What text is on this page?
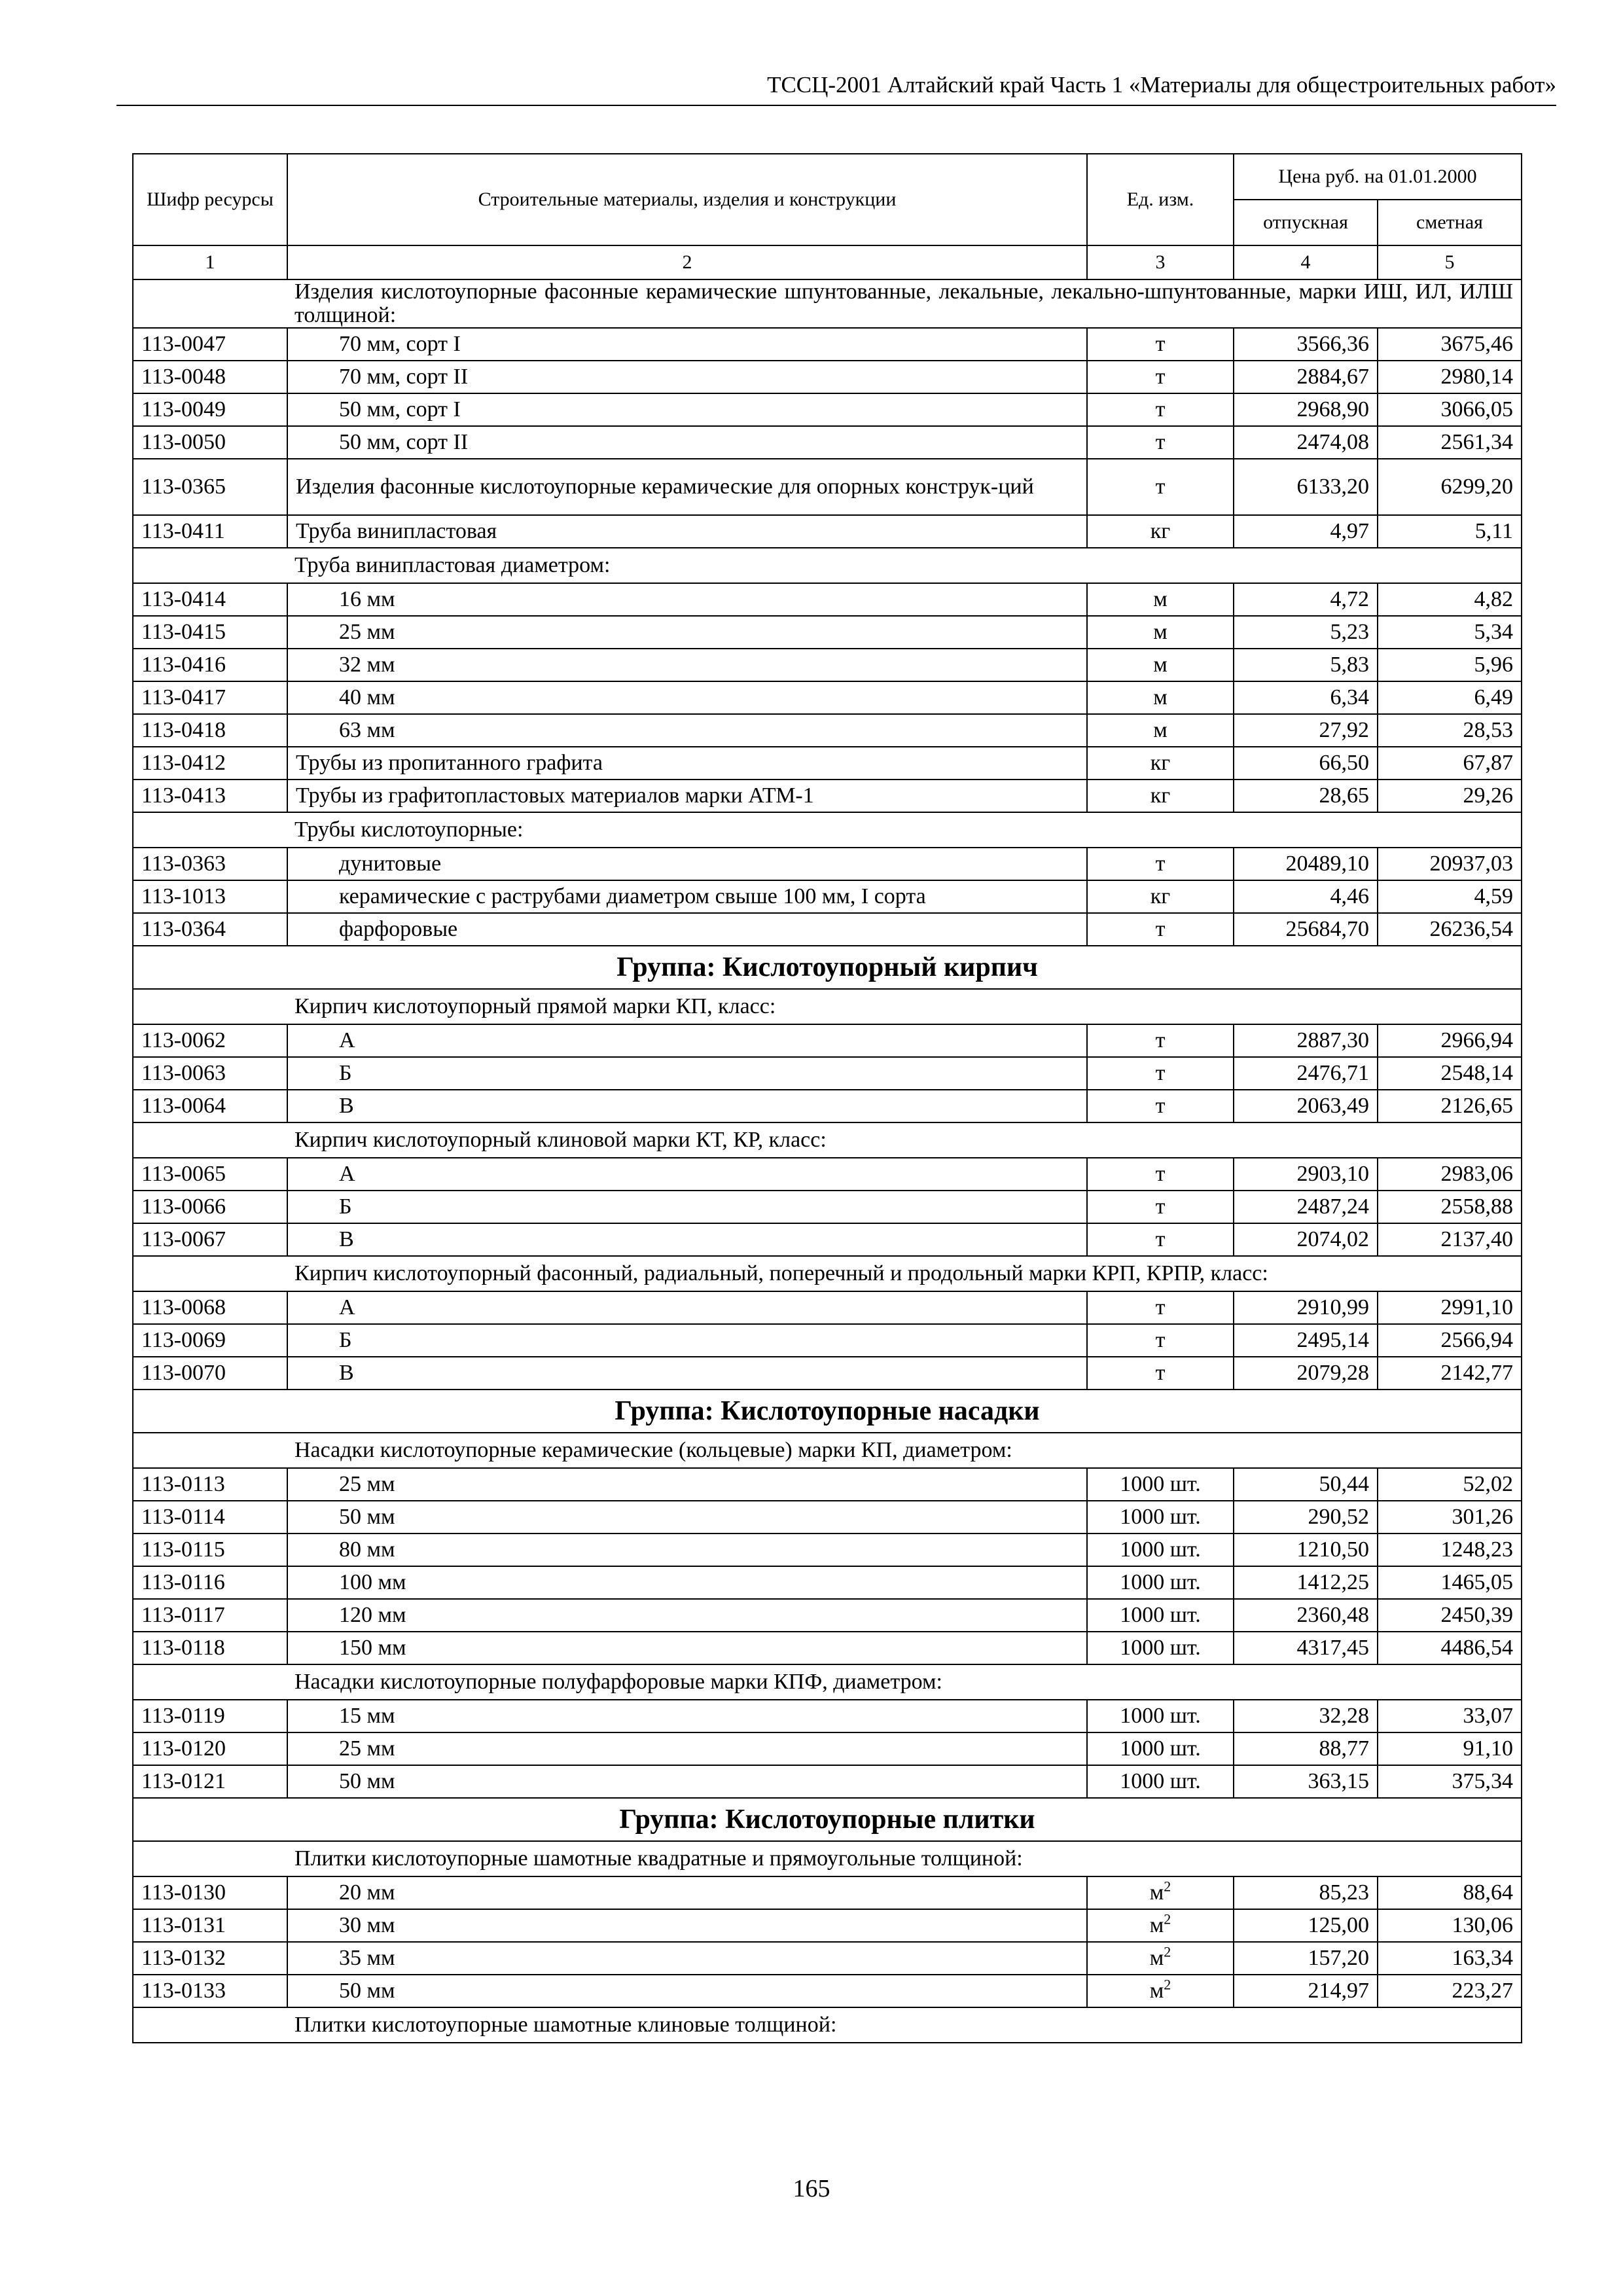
ТССЦ-2001 Алтайский край Часть 1 «Материалы для общестроительных работ»
Шифр ресурсы	Строительные материалы, изделия и конструкции	Ед. изм.	Цена руб. на 01.01.2000	
			отпускная	сметная
1	2	3	4	5
Изделия кислотоупорные фасонные керамические шпунтованные, лекальные, лекально-шпунтованные, марки ИШ, ИЛ, ИЛШ толщиной:				
113-0047	70 мм, сорт I	т	3566,36	3675,46
113-0048	70 мм, сорт II	т	2884,67	2980,14
113-0049	50 мм, сорт I	т	2968,90	3066,05
113-0050	50 мм, сорт II	т	2474,08	2561,34
113-0365	Изделия фасонные кислотоупорные керамические для опорных конструк-ций	т	6133,20	6299,20
113-0411	Труба винипластовая	кг	4,97	5,11
Труба винипластовая диаметром:				
113-0414	16 мм	м	4,72	4,82
113-0415	25 мм	м	5,23	5,34
113-0416	32 мм	м	5,83	5,96
113-0417	40 мм	м	6,34	6,49
113-0418	63 мм	м	27,92	28,53
113-0412	Трубы из пропитанного графита	кг	66,50	67,87
113-0413	Трубы из графитопластовых материалов марки АТМ-1	кг	28,65	29,26
Трубы кислотоупорные:				
113-0363	дунитовые	т	20489,10	20937,03
113-1013	керамические с раструбами диаметром свыше 100 мм, I сорта	кг	4,46	4,59
113-0364	фарфоровые	т	25684,70	26236,54
Группа: Кислотоупорный кирпич				
Кирпич кислотоупорный прямой марки КП, класс:				
113-0062	А	т	2887,30	2966,94
113-0063	Б	т	2476,71	2548,14
113-0064	В	т	2063,49	2126,65
Кирпич кислотоупорный клиновой марки КТ, КР, класс:				
113-0065	А	т	2903,10	2983,06
113-0066	Б	т	2487,24	2558,88
113-0067	В	т	2074,02	2137,40
Кирпич кислотоупорный фасонный, радиальный, поперечный и продольный марки КРП, КРПР, класс:				
113-0068	А	т	2910,99	2991,10
113-0069	Б	т	2495,14	2566,94
113-0070	В	т	2079,28	2142,77
Группа: Кислотоупорные насадки				
Насадки кислотоупорные керамические (кольцевые) марки КП, диаметром:				
113-0113	25 мм	1000 шт.	50,44	52,02
113-0114	50 мм	1000 шт.	290,52	301,26
113-0115	80 мм	1000 шт.	1210,50	1248,23
113-0116	100 мм	1000 шт.	1412,25	1465,05
113-0117	120 мм	1000 шт.	2360,48	2450,39
113-0118	150 мм	1000 шт.	4317,45	4486,54
Насадки кислотоупорные полуфарфоровые марки КПФ, диаметром:				
113-0119	15 мм	1000 шт.	32,28	33,07
113-0120	25 мм	1000 шт.	88,77	91,10
113-0121	50 мм	1000 шт.	363,15	375,34
Группа: Кислотоупорные плитки				
Плитки кислотоупорные шамотные квадратные и прямоугольные толщиной:				
113-0130	20 мм	$м^2$	85,23	88,64
113-0131	30 мм	$м^2$	125,00	130,06
113-0132	35 мм	$м^2$	157,20	163,34
113-0133	50 мм	$м^2$	214,97	223,27
Плитки кислотоупорные шамотные клиновые толщиной:				
165
